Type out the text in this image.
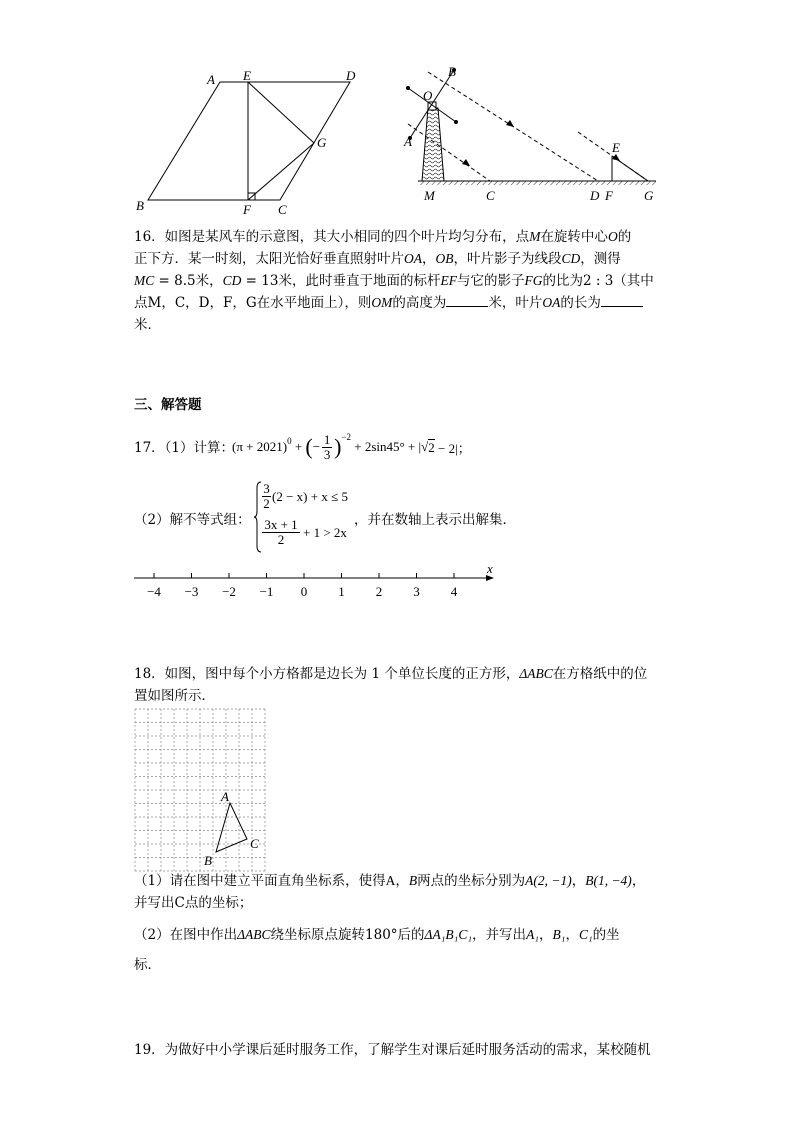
A E	D
G
B	F C
B
O
A	E
M	C	D F G
16．如图是某风车的示意图，其大小相同的四个叶片均匀分布，点M在旋转中心O的
正下方．某一时刻，太阳光恰好垂直照射叶片OA，OB，叶片影子为线段CD，测得
MC = 8.5米，CD = 13米，此时垂直于地面的标杆EF与它的影子FG的比为2 : 3（其中
点M，C，D，F，G在水平地面上），则OM的高度为	米，叶片OA的长为
米．
三、解答题
17．（1）计算：
$(\pi + 2021)^0$ + ( − 1
3 )$^{-2}$
+ 2sin45° + | √ 2 − 2|；
（2）解不等式组：
3
2 (2 − x) + x ≤ 5
3x + 1
2 + 1 > 2x
，并在数轴上表示出解集．
x
−4 −3 −2 −1 0 1 2 3 4
18．如图，图中每个小方格都是边长为 1 个单位长度的正方形，ΔABC在方格纸中的位
置如图所示．
A
B
C
（1）请在图中建立平面直角坐标系，使得A，B两点的坐标分别为A(2, −1)，B(1, −4)，
并写出C点的坐标；
（2）在图中作出ΔABC绕坐标原点旋转180°后的ΔA₁B₁C₁，并写出A₁，B₁，C₁的坐
标．
19．为做好中小学课后延时服务工作，了解学生对课后延时服务活动的需求，某校随机
